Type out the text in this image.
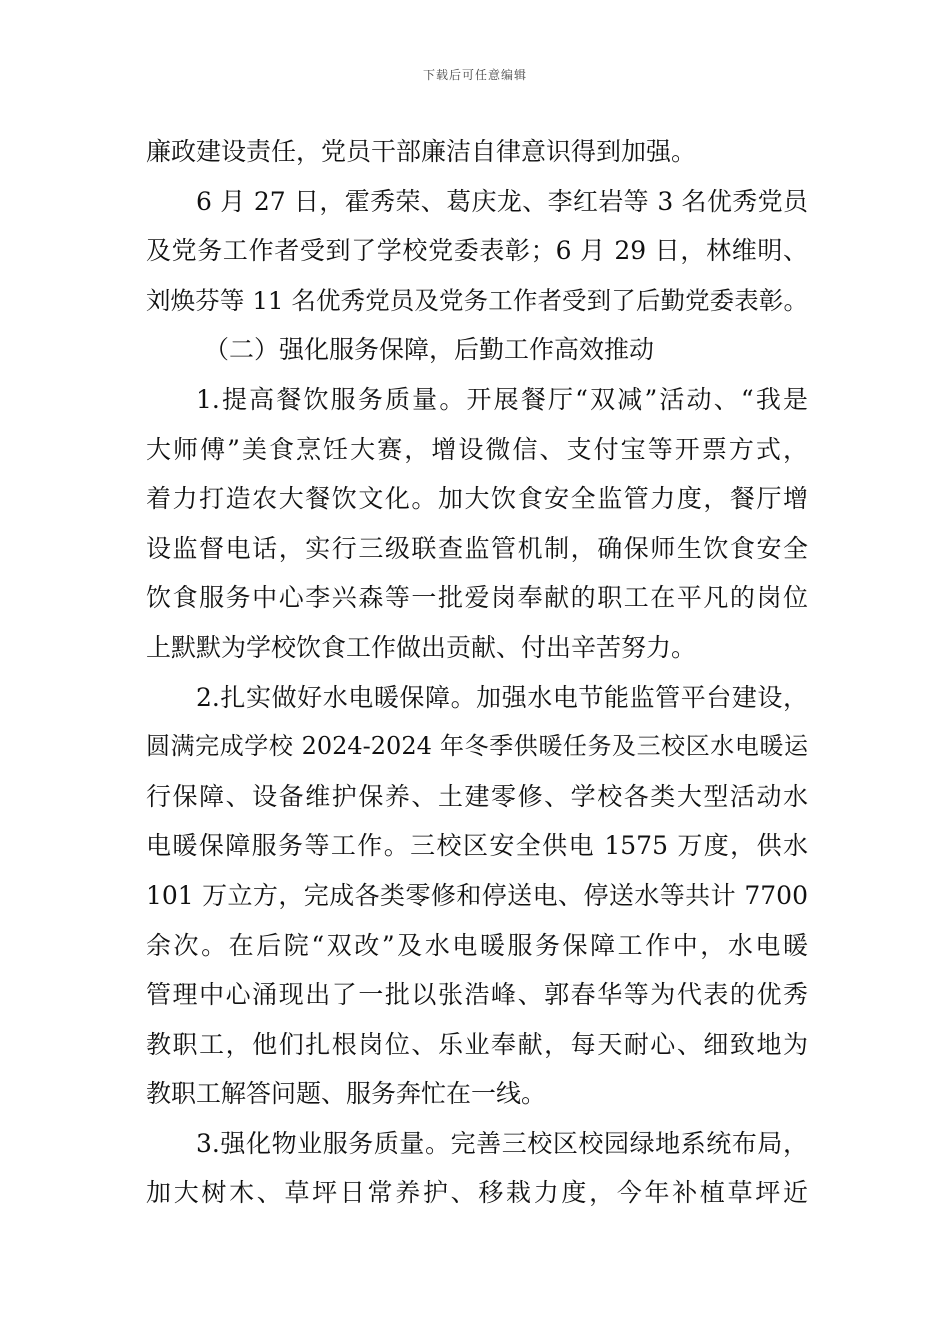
下载后可任意编辑
廉政建设责任，党员干部廉洁自律意识得到加强。
6 月 27 日，霍秀荣、葛庆龙、李红岩等 3 名优秀党员
及党务工作者受到了学校党委表彰；6 月 29 日，林维明、
刘焕芬等 11 名优秀党员及党务工作者受到了后勤党委表彰。
（二）强化服务保障，后勤工作高效推动
1.提高餐饮服务质量。开展餐厅“双减”活动、“我是
大师傅”美食烹饪大赛，增设微信、支付宝等开票方式，
着力打造农大餐饮文化。加大饮食安全监管力度，餐厅增
设监督电话，实行三级联查监管机制，确保师生饮食安全
饮食服务中心李兴森等一批爱岗奉献的职工在平凡的岗位
上默默为学校饮食工作做出贡献、付出辛苦努力。
2.扎实做好水电暖保障。加强水电节能监管平台建设，
圆满完成学校 2024-2024 年冬季供暖任务及三校区水电暖运
行保障、设备维护保养、土建零修、学校各类大型活动水
电暖保障服务等工作。三校区安全供电 1575 万度，供水
101 万立方，完成各类零修和停送电、停送水等共计 7700
余次。在后院“双改”及水电暖服务保障工作中，水电暖
管理中心涌现出了一批以张浩峰、郭春华等为代表的优秀
教职工，他们扎根岗位、乐业奉献，每天耐心、细致地为
教职工解答问题、服务奔忙在一线。
3.强化物业服务质量。完善三校区校园绿地系统布局，
加大树木、草坪日常养护、移栽力度，今年补植草坪近
